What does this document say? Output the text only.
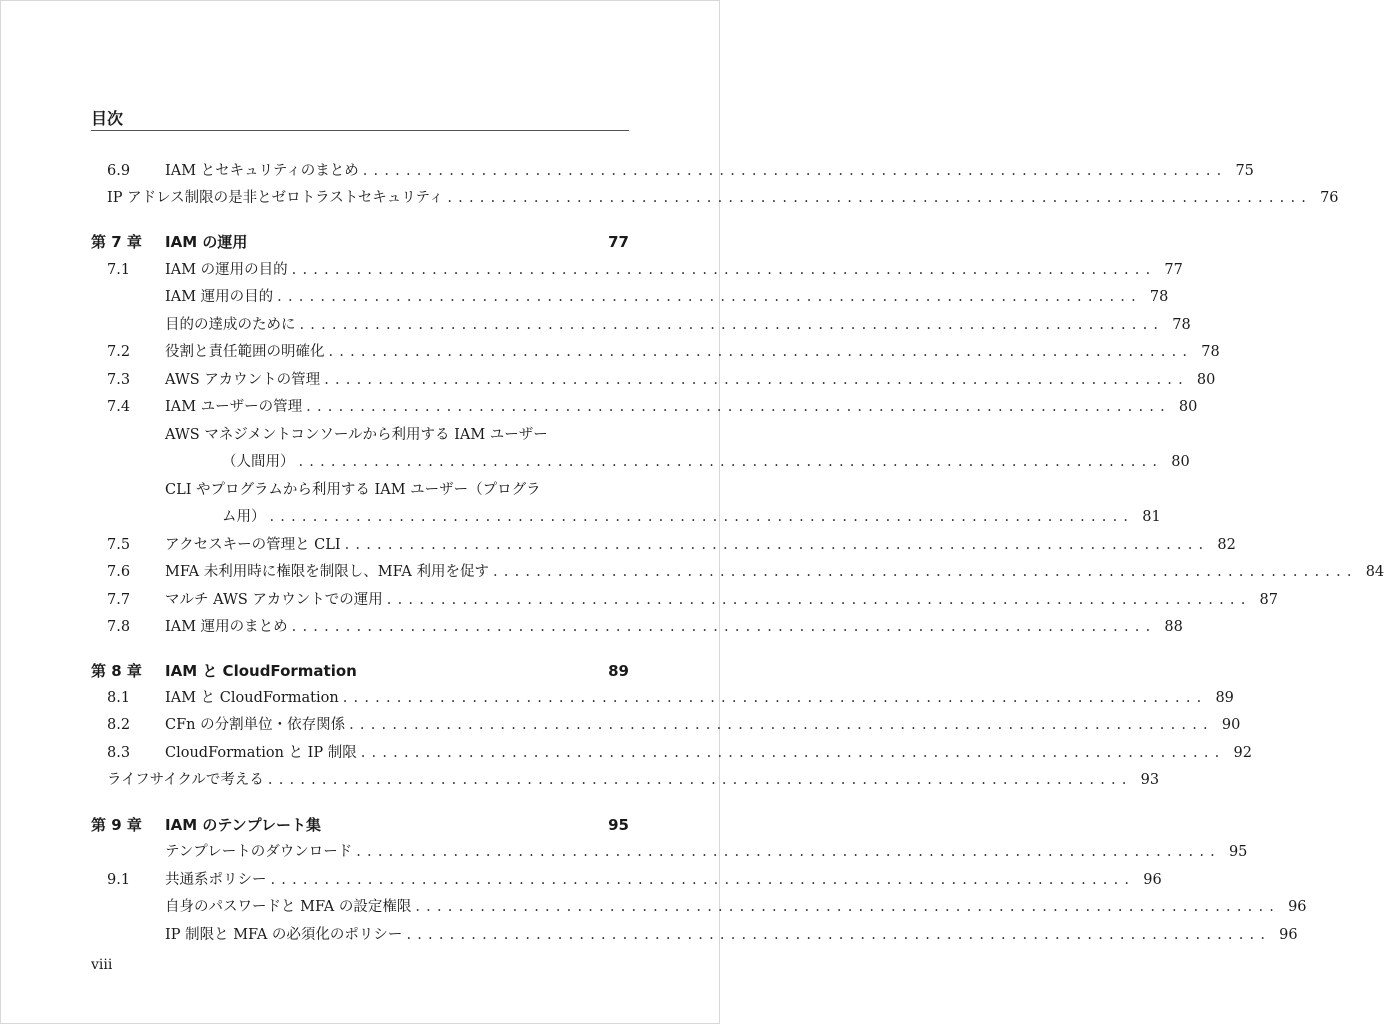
目次
6.9 IAM とセキュリティのまとめ ................................................................................ 75
IP アドレス制限の是非とゼロトラストセキュリティ ................................................................................ 76
第 7 章 IAM の運用	77
7.1 IAM の運用の目的 ................................................................................ 77
IAM 運用の目的 ................................................................................ 78
目的の達成のために ................................................................................ 78
7.2 役割と責任範囲の明確化 ................................................................................ 78
7.3 AWS アカウントの管理 ................................................................................ 80
7.4 IAM ユーザーの管理 ................................................................................ 80
AWS マネジメントコンソールから利用する IAM ユーザー
（人間用） ................................................................................ 80
CLI やプログラムから利用する IAM ユーザー（プログラ
ム用） ................................................................................ 81
7.5 アクセスキーの管理と CLI ................................................................................ 82
7.6 MFA 未利用時に権限を制限し、MFA 利用を促す ................................................................................ 84
7.7 マルチ AWS アカウントでの運用 ................................................................................ 87
7.8 IAM 運用のまとめ ................................................................................ 88
第 8 章 IAM と CloudFormation	89
8.1 IAM と CloudFormation ................................................................................ 89
8.2 CFn の分割単位・依存関係 ................................................................................ 90
8.3 CloudFormation と IP 制限 ................................................................................ 92
ライフサイクルで考える ................................................................................ 93
第 9 章 IAM のテンプレート集	95
テンプレートのダウンロード ................................................................................ 95
9.1 共通系ポリシー ................................................................................ 96
自身のパスワードと MFA の設定権限 ................................................................................ 96
IP 制限と MFA の必須化のポリシー ................................................................................ 96
viii
